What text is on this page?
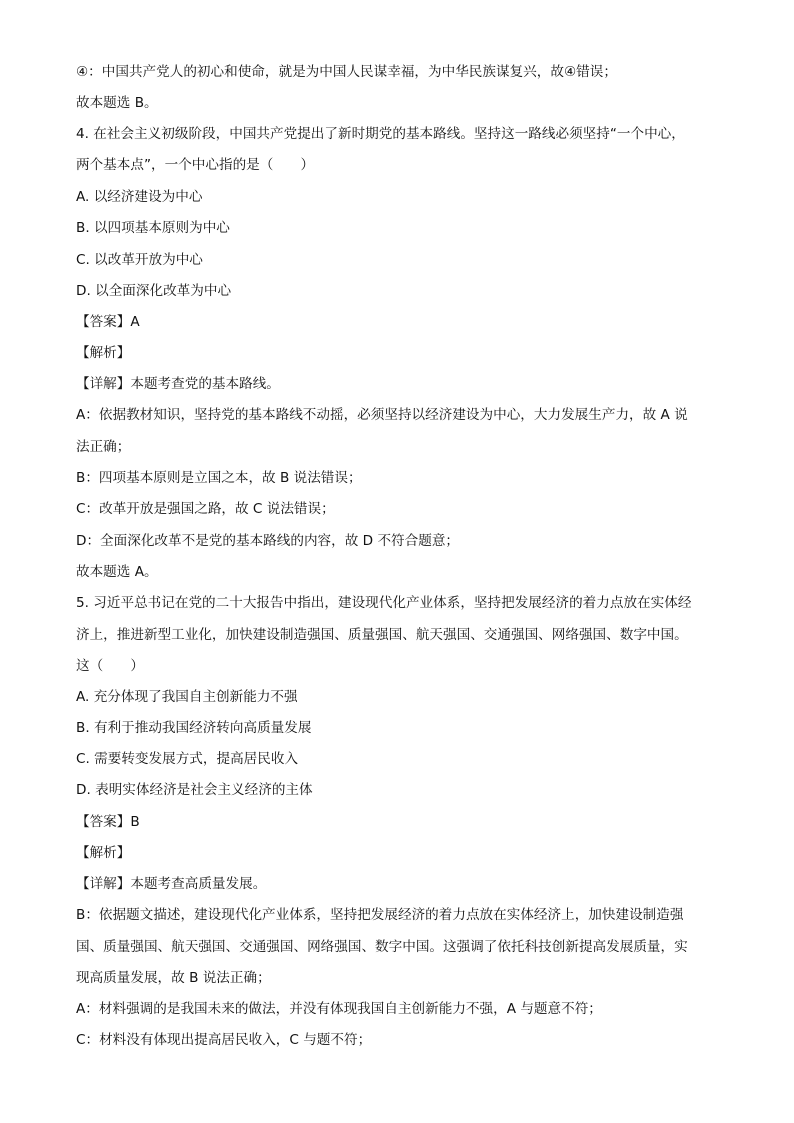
④：中国共产党人的初心和使命，就是为中国人民谋幸福，为中华民族谋复兴，故④错误；
故本题选 B。
4. 在社会主义初级阶段，中国共产党提出了新时期党的基本路线。坚持这一路线必须坚持“一个中心，
两个基本点”，一个中心指的是（　　）
A. 以经济建设为中心
B. 以四项基本原则为中心
C. 以改革开放为中心
D. 以全面深化改革为中心
【答案】A
【解析】
【详解】本题考查党的基本路线。
A：依据教材知识，坚持党的基本路线不动摇，必须坚持以经济建设为中心，大力发展生产力，故 A 说
法正确；
B：四项基本原则是立国之本，故 B 说法错误；
C：改革开放是强国之路，故 C 说法错误；
D：全面深化改革不是党的基本路线的内容，故 D 不符合题意；
故本题选 A。
5. 习近平总书记在党的二十大报告中指出，建设现代化产业体系，坚持把发展经济的着力点放在实体经
济上，推进新型工业化，加快建设制造强国、质量强国、航天强国、交通强国、网络强国、数字中国。
这（　　）
A. 充分体现了我国自主创新能力不强
B. 有利于推动我国经济转向高质量发展
C. 需要转变发展方式，提高居民收入
D. 表明实体经济是社会主义经济的主体
【答案】B
【解析】
【详解】本题考查高质量发展。
B：依据题文描述，建设现代化产业体系，坚持把发展经济的着力点放在实体经济上，加快建设制造强
国、质量强国、航天强国、交通强国、网络强国、数字中国。这强调了依托科技创新提高发展质量，实
现高质量发展，故 B 说法正确；
A：材料强调的是我国未来的做法，并没有体现我国自主创新能力不强，A 与题意不符；
C：材料没有体现出提高居民收入，C 与题不符；
